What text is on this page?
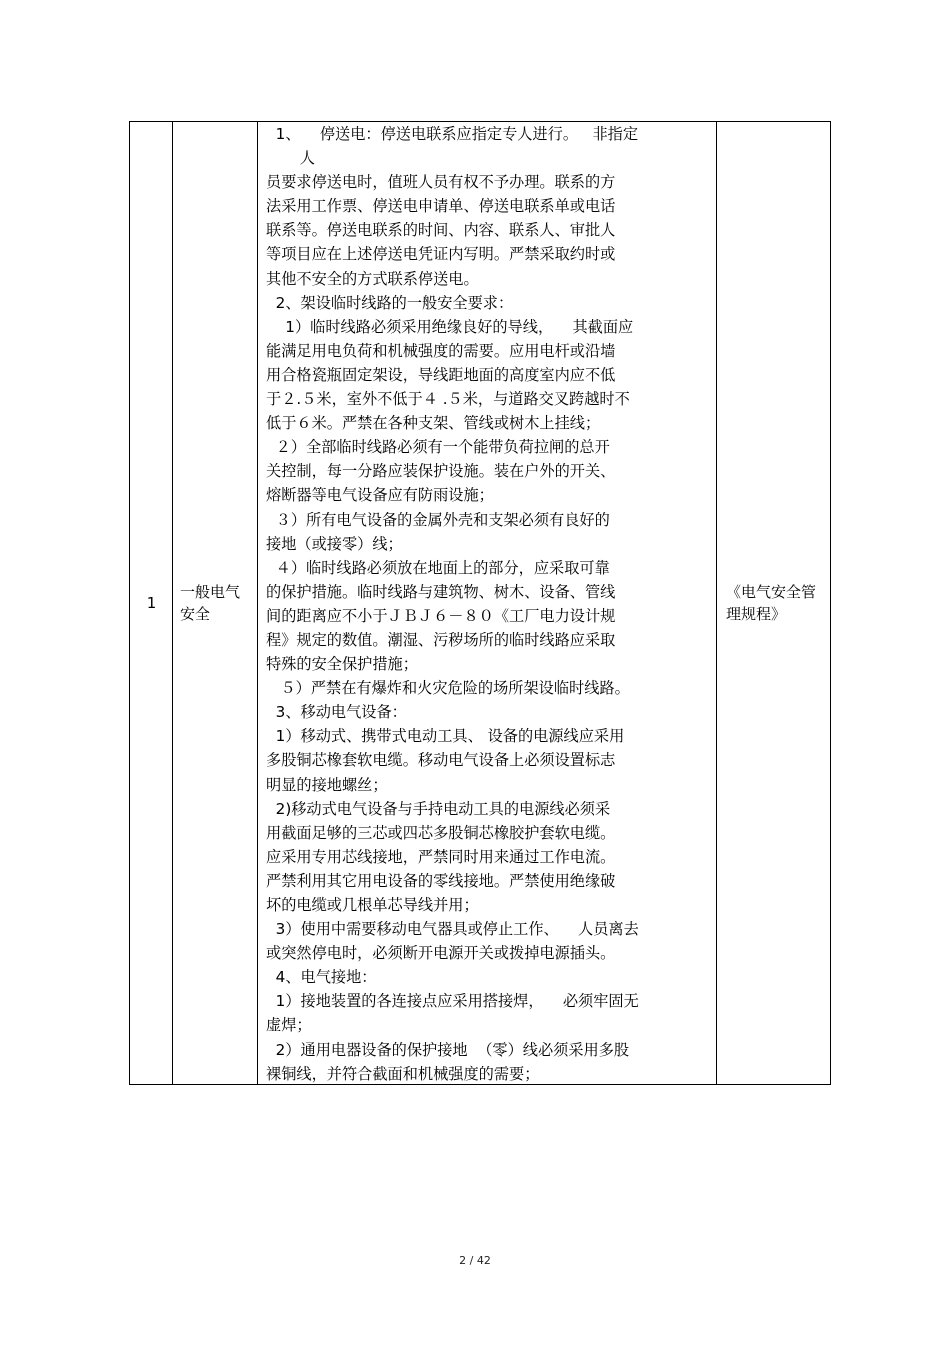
1
一般电气安全

1、    停送电：停送电联系应指定专人进行。   非指定

人

员要求停送电时，值班人员有权不予办理。联系的方

法采用工作票、停送电申请单、停送电联系单或电话

联系等。停送电联系的时间、内容、联系人、审批人

等项目应在上述停送电凭证内写明。严禁采取约时或

其他不安全的方式联系停送电。

2、架设临时线路的一般安全要求：

1）临时线路必须采用绝缘良好的导线，    其截面应

能满足用电负荷和机械强度的需要。应用电杆或沿墙

用合格瓷瓶固定架设，导线距地面的高度室内应不低

于２.５米，室外不低于４ .５米，与道路交叉跨越时不

低于６米。严禁在各种支架、管线或树木上挂线；

２）全部临时线路必须有一个能带负荷拉闸的总开

关控制，每一分路应装保护设施。装在户外的开关、

熔断器等电气设备应有防雨设施；

３）所有电气设备的金属外壳和支架必须有良好的

接地（或接零）线；

４）临时线路必须放在地面上的部分，应采取可靠

的保护措施。临时线路与建筑物、树木、设备、管线

间的距离应不小于ＪＢＪ６－８０《工厂电力设计规

程》规定的数值。潮湿、污秽场所的临时线路应采取

特殊的安全保护措施；

５）严禁在有爆炸和火灾危险的场所架设临时线路。

3、移动电气设备：

1）移动式、携带式电动工具、 设备的电源线应采用

多股铜芯橡套软电缆。移动电气设备上必须设置标志

明显的接地螺丝；

2)移动式电气设备与手持电动工具的电源线必须采

用截面足够的三芯或四芯多股铜芯橡胶护套软电缆。

应采用专用芯线接地，严禁同时用来通过工作电流。

严禁利用其它用电设备的零线接地。严禁使用绝缘破

坏的电缆或几根单芯导线并用；

3）使用中需要移动电气器具或停止工作、    人员离去

或突然停电时，必须断开电源开关或拨掉电源插头。

4、电气接地：

1）接地装置的各连接点应采用搭接焊，    必须牢固无

虚焊；

2）通用电器设备的保护接地  （零）线必须采用多股

裸铜线，并符合截面和机械强度的需要；

《电气安全管理规程》
2 / 42
